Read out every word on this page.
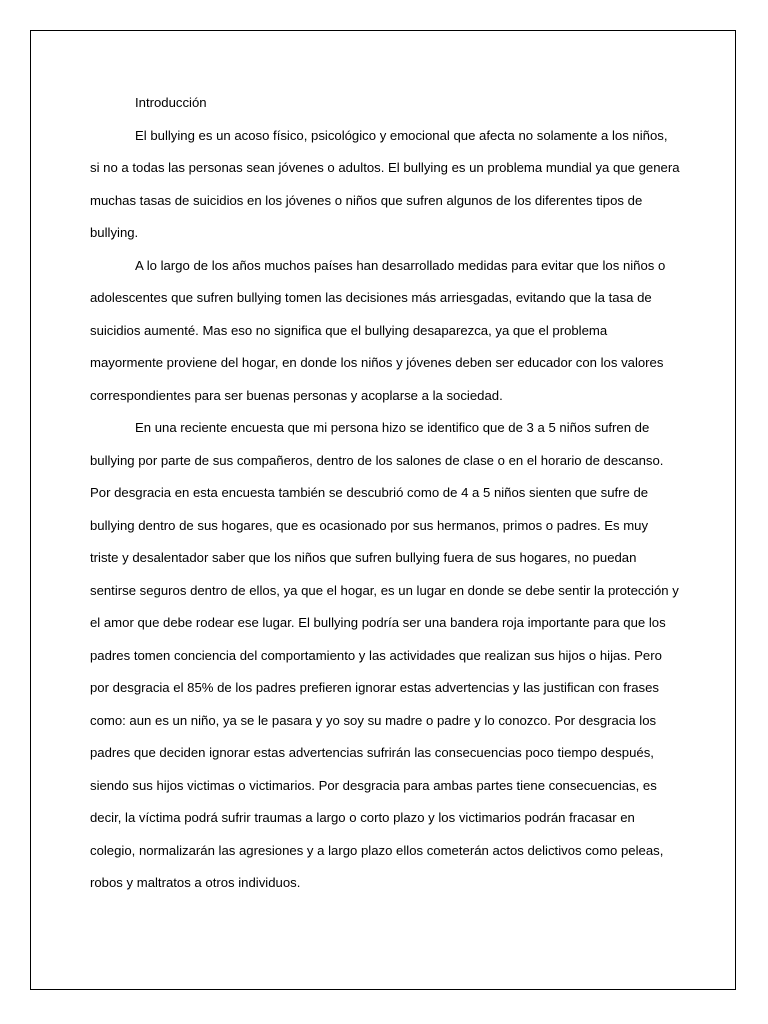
Introducción

El bullying es un acoso físico, psicológico y emocional que afecta no solamente a los niños, si no a todas las personas sean jóvenes o adultos. El bullying es un problema mundial ya que genera muchas tasas de suicidios en los jóvenes o niños que sufren algunos de los diferentes tipos de bullying.

A lo largo de los años muchos países han desarrollado medidas para evitar que los niños o adolescentes que sufren bullying tomen las decisiones más arriesgadas, evitando que la tasa de suicidios aumenté. Mas eso no significa que el bullying desaparezca, ya que el problema mayormente proviene del hogar, en donde los niños y jóvenes deben ser educador con los valores correspondientes para ser buenas personas y acoplarse a la sociedad.

En una reciente encuesta que mi persona hizo se identifico que de 3 a 5 niños sufren de bullying por parte de sus compañeros, dentro de los salones de clase o en el horario de descanso. Por desgracia en esta encuesta también se descubrió como de 4 a 5 niños sienten que sufre de bullying dentro de sus hogares, que es ocasionado por sus hermanos, primos o padres. Es muy triste y desalentador saber que los niños que sufren bullying fuera de sus hogares, no puedan sentirse seguros dentro de ellos, ya que el hogar, es un lugar en donde se debe sentir la protección y el amor que debe rodear ese lugar. El bullying podría ser una bandera roja importante para que los padres tomen conciencia del comportamiento y las actividades que realizan sus hijos o hijas. Pero por desgracia el 85% de los padres prefieren ignorar estas advertencias y las justifican con frases como: aun es un niño, ya se le pasara y yo soy su madre o padre y lo conozco. Por desgracia los padres que deciden ignorar estas advertencias sufrirán las consecuencias poco tiempo después, siendo sus hijos victimas o victimarios. Por desgracia para ambas partes tiene consecuencias, es decir, la víctima podrá sufrir traumas a largo o corto plazo y los victimarios podrán fracasar en colegio, normalizarán las agresiones y a largo plazo ellos cometerán actos delictivos como peleas, robos y maltratos a otros individuos.
